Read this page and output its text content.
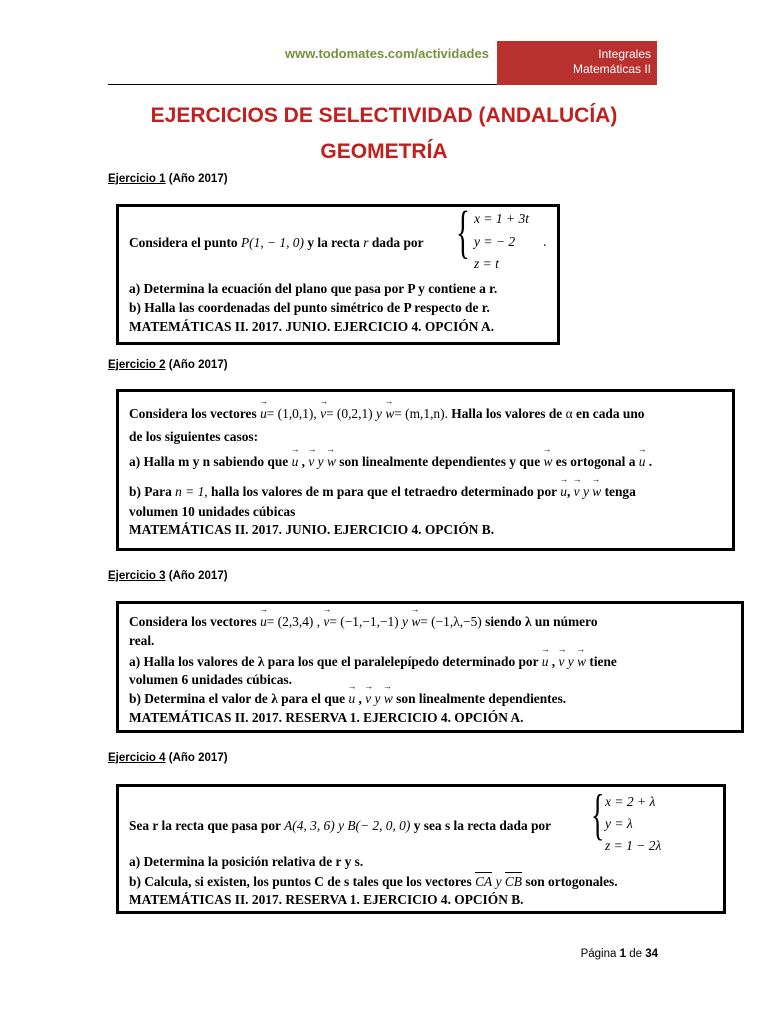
www.todomates.com/actividades	Integrales
Matemáticas II
EJERCICIOS DE SELECTIVIDAD (ANDALUCÍA)
GEOMETRÍA
Ejercicio 1 (Año 2017)
Considera el punto P(1, − 1, 0) y la recta r dada por { x = 1 + 3t
y = − 2
z = t
.
a) Determina la ecuación del plano que pasa por P y contiene a r.
b) Halla las coordenadas del punto simétrico de P respecto de r.
MATEMÁTICAS II. 2017. JUNIO. EJERCICIO 4. OPCIÓN A.
Ejercicio 2 (Año 2017)
Considera los vectores → u= (1,0,1), → v= (0,2,1) y → w= (m,1,n). Halla los valores de α en cada uno
de los siguientes casos:
a) Halla m y n sabiendo que → u , → v y → w son linealmente dependientes y que → w es ortogonal a → u .
b) Para n = 1, halla los valores de m para que el tetraedro determinado por → u, → v y → w tenga
volumen 10 unidades cúbicas
MATEMÁTICAS II. 2017. JUNIO. EJERCICIO 4. OPCIÓN B.
Ejercicio 3 (Año 2017)
Considera los vectores → u= (2,3,4) , → v= (−1,−1,−1) y → w= (−1,λ,−5) siendo λ un número
real.
a) Halla los valores de λ para los que el paralelepípedo determinado por → u , → v y → w tiene
volumen 6 unidades cúbicas.
b) Determina el valor de λ para el que → u , → v y → w son linealmente dependientes.
MATEMÁTICAS II. 2017. RESERVA 1. EJERCICIO 4. OPCIÓN A.
Ejercicio 4 (Año 2017)
Sea r la recta que pasa por A(4, 3, 6) y B(− 2, 0, 0) y sea s la recta dada por { x = 2 + λ
y = λ
z = 1 − 2λ
a) Determina la posición relativa de r y s.
b) Calcula, si existen, los puntos C de s tales que los vectores CA y CB son ortogonales.
MATEMÁTICAS II. 2017. RESERVA 1. EJERCICIO 4. OPCIÓN B.
Página 1 de 34
